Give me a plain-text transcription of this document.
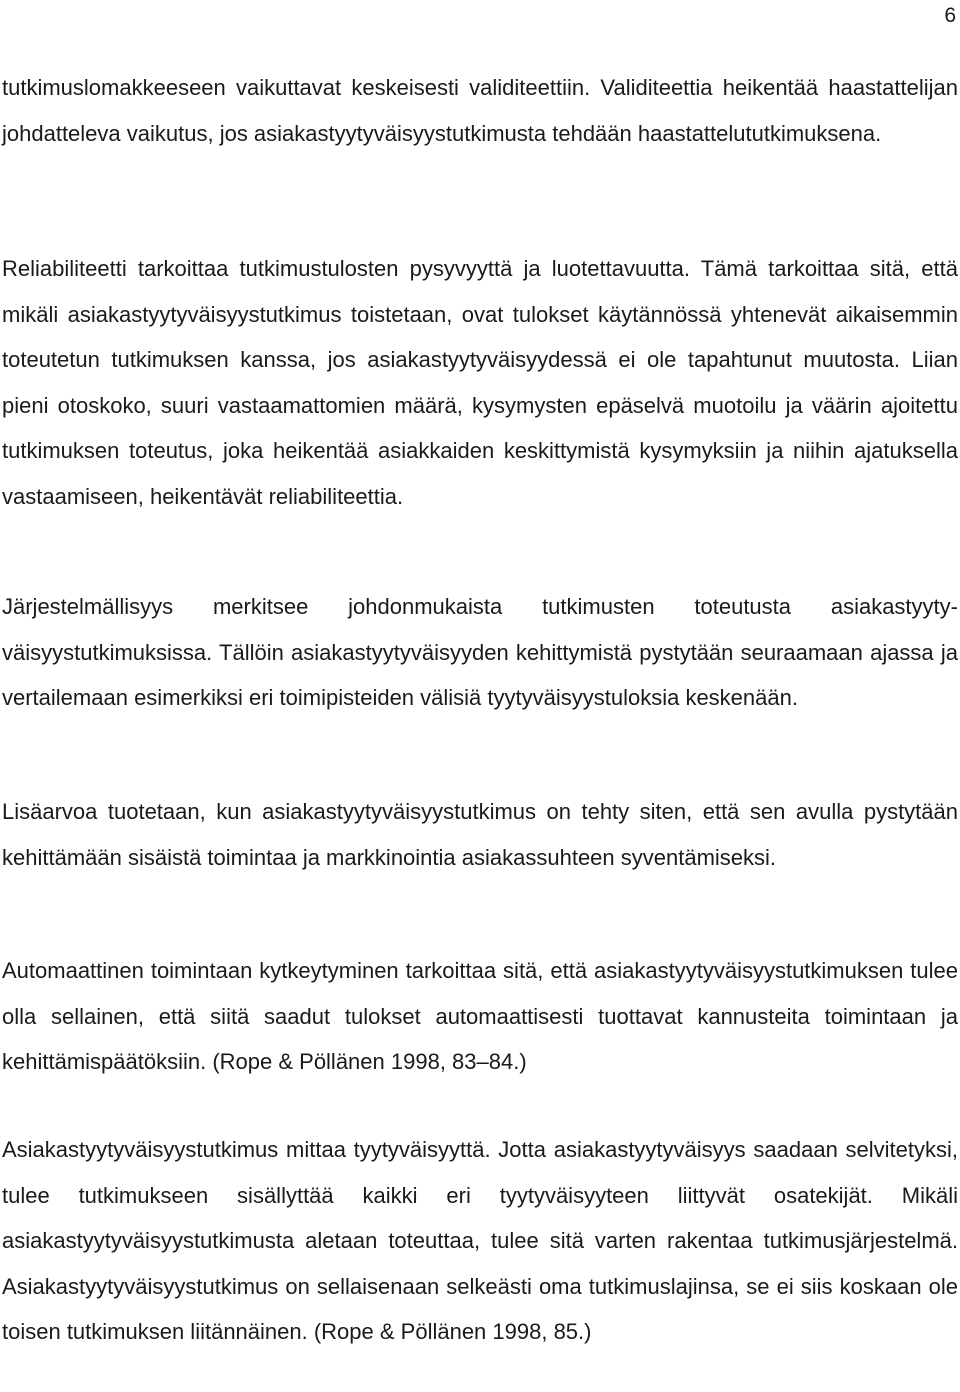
6

tutkimuslomakkeeseen vaikuttavat keskeisesti validiteettiin. Validiteettia heikentää haastattelijan johdatteleva vaikutus, jos asiakastyytyväisyystutkimusta tehdään haastattelututkimuksena.

Reliabiliteetti tarkoittaa tutkimustulosten pysyvyyttä ja luotettavuutta. Tämä tarkoittaa sitä, että mikäli asiakastyytyväisyystutkimus toistetaan, ovat tulokset käytännössä yhtenevät aikaisemmin toteutetun tutkimuksen kanssa, jos asiakastyytyväisyydessä ei ole tapahtunut muutosta. Liian pieni otoskoko, suuri vastaamattomien määrä, kysymysten epäselvä muotoilu ja väärin ajoitettu tutkimuksen toteutus, joka heikentää asiakkaiden keskittymistä kysymyksiin ja niihin ajatuksella vastaamiseen, heikentävät reliabiliteettia.

Järjestelmällisyys merkitsee johdonmukaista tutkimusten toteutusta asiakastyytyväisyystutkimuksissa. Tällöin asiakastyytyväisyyden kehittymistä pystytään seuraamaan ajassa ja vertailemaan esimerkiksi eri toimipisteiden välisiä tyytyväisyystuloksia keskenään.

Lisäarvoa tuotetaan, kun asiakastyytyväisyystutkimus on tehty siten, että sen avulla pystytään kehittämään sisäistä toimintaa ja markkinointia asiakassuhteen syventämiseksi.

Automaattinen toimintaan kytkeytyminen tarkoittaa sitä, että asiakastyytyväisyystutkimuksen tulee olla sellainen, että siitä saadut tulokset automaattisesti tuottavat kannusteita toimintaan ja kehittämispäätöksiin. (Rope & Pöllänen 1998, 83–84.)

Asiakastyytyväisyystutkimus mittaa tyytyväisyyttä. Jotta asiakastyytyväisyys saadaan selvitetyksi, tulee tutkimukseen sisällyttää kaikki eri tyytyväisyyteen liittyvät osatekijät. Mikäli asiakastyytyväisyystutkimusta aletaan toteuttaa, tulee sitä varten rakentaa tutkimusjärjestelmä. Asiakastyytyväisyystutkimus on sellaisenaan selkeästi oma tutkimuslajinsa, se ei siis koskaan ole toisen tutkimuksen liitännäinen. (Rope & Pöllänen 1998, 85.)
